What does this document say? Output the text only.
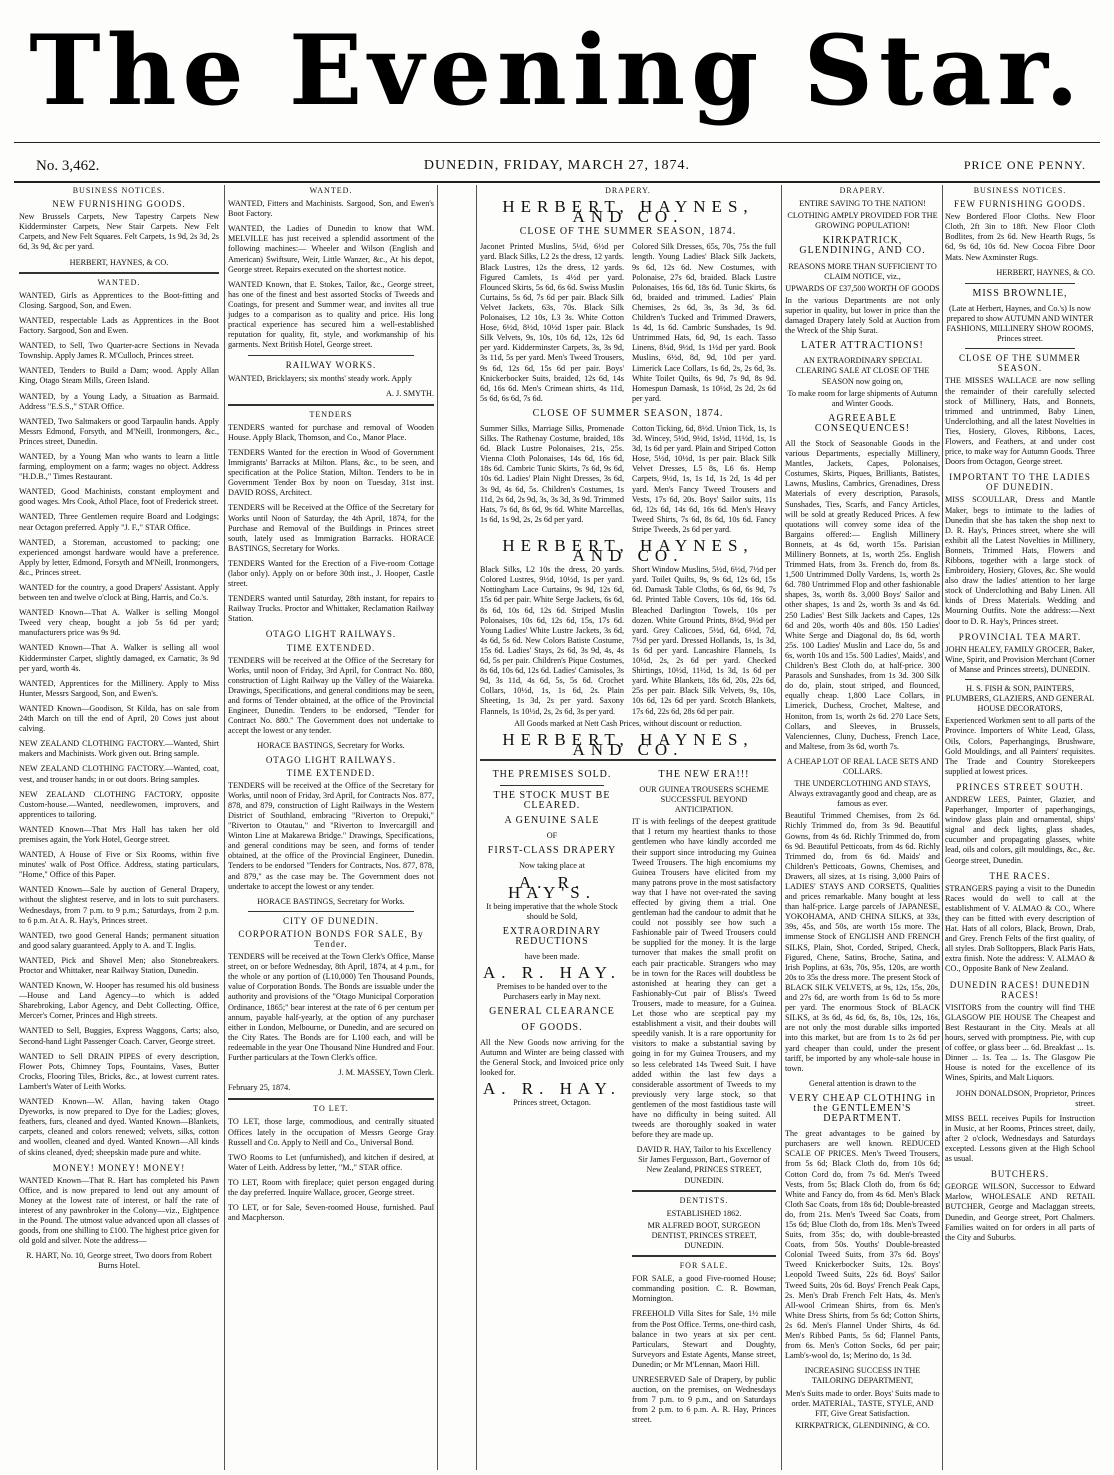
The Evening Star.
No. 3,462.	DUNEDIN, FRIDAY, MARCH 27, 1874.	PRICE ONE PENNY.
BUSINESS NOTICES.
NEW FURNISHING GOODS.

New Brussels Carpets, New Tapestry Carpets New Kidderminster Carpets, New Stair Carpets. New Felt Carpets, and New Felt Squares. Felt Carpets, 1s 9d, 2s 3d, 2s 6d, 3s 9d, &c per yard.

HERBERT, HAYNES, & CO.
WANTED.

WANTED, Girls as Apprentices to the Boot-fitting and Closing. Sargood, Son, and Ewen.

WANTED, respectable Lads as Apprentices in the Boot Factory. Sargood, Son and Ewen.

WANTED, to Sell, Two Quarter-acre Sections in Nevada Township. Apply James R. M'Culloch, Princes street.

WANTED, Tenders to Build a Dam; wood. Apply Allan King, Otago Steam Mills, Green Island.

WANTED, by a Young Lady, a Situation as Barmaid. Address "E.S.S.," STAR Office.

WANTED, Two Saltmakers or good Tarpaulin hands. Apply Messrs Edmond, Forsyth, and M'Neill, Ironmongers, &c., Princes street, Dunedin.

WANTED, by a Young Man who wants to learn a little farming, employment on a farm; wages no object. Address "H.D.B.," Times Restaurant.

WANTED, Good Machinists, constant employment and good wages. Mrs Cook, Athol Place, foot of Frederick street.

WANTED, Three Gentlemen require Board and Lodgings; near Octagon preferred. Apply "J. F.," STAR Office.

WANTED, a Storeman, accustomed to packing; one experienced amongst hardware would have a preference. Apply by letter, Edmond, Forsyth and M'Neill, Ironmongers, &c., Princes street.

WANTED for the country, a good Drapers' Assistant. Apply between ten and twelve o'clock at Bing, Harris, and Co.'s.

WANTED Known—That A. Walker is selling Mongol Tweed very cheap, bought a job 5s 6d per yard; manufacturers price was 9s 9d.

WANTED Known—That A. Walker is selling all wool Kidderminster Carpet, slightly damaged, ex Carnatic, 3s 9d per yard, worth 4s.

WANTED, Apprentices for the Millinery. Apply to Miss Hunter, Messrs Sargood, Son, and Ewen's.

WANTED Known—Goodison, St Kilda, has on sale from 24th March on till the end of April, 20 Cows just about calving.

NEW ZEALAND CLOTHING FACTORY.—Wanted, Shirt makers and Machinists. Work given out. Bring sample.

NEW ZEALAND CLOTHING FACTORY.—Wanted, coat, vest, and trouser hands; in or out doors. Bring samples.

NEW ZEALAND CLOTHING FACTORY, opposite Custom-house.—Wanted, needlewomen, improvers, and apprentices to tailoring.

WANTED Known—That Mrs Hall has taken her old premises again, the York Hotel, George street.

WANTED, A House of Five or Six Rooms, within five minutes' walk of Post Office. Address, stating particulars, "Home," Office of this Paper.

WANTED Known—Sale by auction of General Drapery, without the slightest reserve, and in lots to suit purchasers. Wednesdays, from 7 p.m. to 9 p.m.; Saturdays, from 2 p.m. to 6 p.m. At A. R. Hay's, Princes street.

WANTED, two good General Hands; permanent situation and good salary guaranteed. Apply to A. and T. Inglis.

WANTED, Pick and Shovel Men; also Stonebreakers. Proctor and Whittaker, near Railway Station, Dunedin.

WANTED Known, W. Hooper has resumed his old business—House and Land Agency—to which is added Sharebroking, Labor Agency, and Debt Collecting. Office, Mercer's Corner, Princes and High streets.

WANTED to Sell, Buggies, Express Waggons, Carts; also, Second-hand Light Passenger Coach. Carver, George street.

WANTED to Sell DRAIN PIPES of every description, Flower Pots, Chimney Tops, Fountains, Vases, Butter Crocks, Flooring Tiles, Bricks, &c., at lowest current rates. Lambert's Water of Leith Works.

WANTED Known—W. Allan, having taken Otago Dyeworks, is now prepared to Dye for the Ladies; gloves, feathers, furs, cleaned and dyed. Wanted Known—Blankets, carpets, cleaned and colors renewed; velvets, silks, cotton and woollen, cleaned and dyed. Wanted Known—All kinds of skins cleaned, dyed; sheepskin made pure and white.

MONEY! MONEY! MONEY!

WANTED Known—That R. Hart has completed his Pawn Office, and is now prepared to lend out any amount of Money at the lowest rate of interest, or half the rate of interest of any pawnbroker in the Colony—viz., Eightpence in the Pound. The utmost value advanced upon all classes of goods, from one shilling to £100. The highest price given for old gold and silver. Note the address—

R. HART, No. 10, George street, Two doors from Robert Burns Hotel.
WANTED.

WANTED, Fitters and Machinists. Sargood, Son, and Ewen's Boot Factory.

WANTED, the Ladies of Dunedin to know that WM. MELVILLE has just received a splendid assortment of the following machines:— Wheeler and Wilson (English and American) Swiftsure, Weir, Little Wanzer, &c., At his depot, George street. Repairs executed on the shortest notice.

WANTED Known, that E. Stokes, Tailor, &c., George street, has one of the finest and best assorted Stocks of Tweeds and Coatings, for present and Summer wear, and invites all true judges to a comparison as to quality and price. His long practical experience has secured him a well-established reputation for quality, fit, style, and workmanship of his garments. Next British Hotel, George street.

RAILWAY WORKS.

WANTED, Bricklayers; six months' steady work. Apply

A. J. SMYTH.
TENDERS

TENDERS wanted for purchase and removal of Wooden House. Apply Black, Thomson, and Co., Manor Place.

TENDERS Wanted for the erection in Wood of Government Immigrants' Barracks at Milton. Plans, &c., to be seen, and specification at the Police Station, Milton. Tenders to be in Government Tender Box by noon on Tuesday, 31st inst. DAVID ROSS, Architect.

TENDERS will be Received at the Office of the Secretary for Works until Noon of Saturday, the 4th April, 1874, for the Purchase and Removal of the Buildings in Princes street south, lately used as Immigration Barracks. HORACE BASTINGS, Secretary for Works.

TENDERS Wanted for the Erection of a Five-room Cottage (labor only). Apply on or before 30th inst., J. Hooper, Castle street.

TENDERS wanted until Saturday, 28th instant, for repairs to Railway Trucks. Proctor and Whittaker, Reclamation Railway Station.

OTAGO LIGHT RAILWAYS.
TIME EXTENDED.

TENDERS will be received at the Office of the Secretary for Works, until noon of Friday, 3rd April, for Contract No. 880, construction of Light Railway up the Valley of the Waiareka. Drawings, Specifications, and general conditions may be seen, and forms of Tender obtained, at the office of the Provincial Engineer, Dunedin. Tenders to be endorsed, "Tender for Contract No. 880." The Government does not undertake to accept the lowest or any tender.

HORACE BASTINGS, Secretary for Works.
OTAGO LIGHT RAILWAYS.
TIME EXTENDED.

TENDERS will be received at the Office of the Secretary for Works, until noon of Friday, 3rd April, for Contracts Nos. 877, 878, and 879, construction of Light Railways in the Western District of Southland, embracing "Riverton to Orepuki," "Riverton to Otautau," and "Riverton to Invercargill and Winton Line at Makarewa Bridge." Drawings, Specifications, and general conditions may be seen, and forms of tender obtained, at the office of the Provincial Engineer, Dunedin. Tenders to be endorsed "Tenders for Contracts, Nos. 877, 878, and 879," as the case may be. The Government does not undertake to accept the lowest or any tender.

HORACE BASTINGS, Secretary for Works.
CITY OF DUNEDIN.
CORPORATION BONDS FOR SALE, By Tender.

TENDERS will be received at the Town Clerk's Office, Manse street, on or before Wednesday, 8th April, 1874, at 4 p.m., for the whole or any portion of (L10,000) Ten Thousand Pounds, value of Corporation Bonds. The Bonds are issuable under the authority and provisions of the "Otago Municipal Corporation Ordinance, 1865;" bear interest at the rate of 6 per centum per annum, payable half-yearly, at the option of any purchaser either in London, Melbourne, or Dunedin, and are secured on the City Rates. The Bonds are for L100 each, and will be redeemable in the year One Thousand Nine Hundred and Four. Further particulars at the Town Clerk's office.

J. M. MASSEY, Town Clerk.

February 25, 1874.

TO LET.

TO LET, those large, commodious, and centrally situated Offices lately in the occupation of Messrs George Gray Russell and Co. Apply to Neill and Co., Universal Bond.

TWO Rooms to Let (unfurnished), and kitchen if desired, at Water of Leith. Address by letter, "M.," STAR office.

TO LET, Room with fireplace; quiet person engaged during the day preferred. Inquire Wallace, grocer, George street.

TO LET, or for Sale, Seven-roomed House, furnished. Paul and Macpherson.

DRAPERY.
HERBERT, HAYNES, AND CO.
CLOSE OF THE SUMMER SEASON, 1874.
Jaconet Printed Muslins, 5½d, 6½d per yard. Black Silks, L2 2s the dress, 12 yards. Black Lustres, 12s the dress, 12 yards. Figured Camlets, 1s 4½d per yard. Flounced Skirts, 5s 6d, 6s 6d. Swiss Muslin Curtains, 5s 6d, 7s 6d per pair. Black Silk Velvet Jackets, 63s, 70s. Black Silk Polonaises, L2 10s, L3 3s. White Cotton Hose, 6½d, 8½d, 10½d 1sper pair. Black Silk Velvets, 9s, 10s, 10s 6d, 12s, 12s 6d per yard. Kidderminster Carpets, 3s, 3s 9d, 3s 11d, 5s per yard. Men's Tweed Trousers, 9s 6d, 12s 6d, 15s 6d per pair. Boys' Knickerbocker Suits, braided, 12s 6d, 14s 6d, 16s 6d. Men's Crimean shirts, 4s 11d, 5s 6d, 6s 6d, 7s 6d.
Colored Silk Dresses, 65s, 70s, 75s the full length. Young Ladies' Black Silk Jackets, 9s 6d, 12s 6d. New Costumes, with Polonaise, 27s 6d, braided. Black Lustre Polonaises, 16s 6d, 18s 6d. Tunic Skirts, 6s 6d, braided and trimmed. Ladies' Plain Chemises, 2s 6d, 3s, 3s 3d, 3s 6d. Children's Tucked and Trimmed Drawers, 1s 4d, 1s 6d. Cambric Sunshades, 1s 9d. Untrimmed Hats, 6d, 9d, 1s each. Tasso Linens, 8¼d, 9½d, 1s 1½d per yard. Book Muslins, 6½d, 8d, 9d, 10d per yard. Limerick Lace Collars, 1s 6d, 2s, 2s 6d, 3s. White Toilet Quilts, 6s 9d, 7s 9d, 8s 9d. Homespun Damask, 1s 10½d, 2s 2d, 2s 6d per yard.
CLOSE OF SUMMER SEASON, 1874.
Summer Silks, Marriage Silks, Promenade Silks. The Rathenay Costume, braided, 18s 6d. Black Lustre Polonaises, 21s, 25s. Vienna Cloth Polonaises, 14s 6d, 16s 6d, 18s 6d. Cambric Tunic Skirts, 7s 6d, 9s 6d, 10s 6d. Ladies' Plain Night Dresses, 3s 6d, 3s 9d, 4s 6d, 5s. Children's Costumes, 1s 11d, 2s 6d, 2s 9d, 3s, 3s 3d, 3s 9d. Trimmed Hats, 7s 6d, 8s 6d, 9s 6d. White Marcellas, 1s 6d, 1s 9d, 2s, 2s 6d per yard.
Cotton Ticking, 6d, 8½d. Union Tick, 1s, 1s 3d. Wincey, 5½d, 9½d, 1s½d, 11½d, 1s, 1s 3d, 1s 6d per yard. Plain and Striped Cotton Hose, 5½d, 10½d, 1s per pair. Black Silk Velvet Dresses, L5 8s, L6 6s. Hemp Carpets, 9½d, 1s, 1s 1d, 1s 2d, 1s 4d per yard. Men's Fancy Tweed Trousers and Vests, 17s 6d, 20s. Boys' Sailor suits, 11s 6d, 12s 6d, 14s 6d, 16s 6d. Men's Heavy Tweed Shirts, 7s 6d, 8s 6d, 10s 6d. Fancy Stripe Tweeds, 2s 6d per yard.
HERBERT, HAYNES, AND CO.
Black Silks, L2 10s the dress, 20 yards. Colored Lustres, 9½d, 10½d, 1s per yard. Nottingham Lace Curtains, 9s 9d, 12s 6d, 15s 6d per pair. White Serge Jackets, 6s 6d, 8s 6d, 10s 6d, 12s 6d. Striped Muslin Polonaises, 10s 6d, 12s 6d, 15s, 17s 6d. Young Ladies' White Lustre Jackets, 3s 6d, 4s 6d, 5s 6d. New Colors Batiste Costume, 15s 6d. Ladies' Stays, 2s 6d, 3s 9d, 4s, 4s 6d, 5s per pair. Children's Pique Costumes, 8s 6d, 10s 6d, 12s 6d. Ladies' Camisoles, 3s 9d, 3s 11d, 4s 6d, 5s, 5s 6d. Crochet Collars, 10½d, 1s, 1s 6d, 2s. Plain Sheeting, 1s 3d, 2s per yard. Saxony Flannels, 1s 10½d, 2s, 2s 6d, 3s per yard.
Short Window Muslins, 5½d, 6½d, 7½d per yard. Toilet Quilts, 9s, 9s 6d, 12s 6d, 15s 6d. Damask Table Cloths, 6s 6d, 6s 9d, 7s 6d. Printed Table Covers, 10s 6d, 16s 6d. Bleached Darlington Towels, 10s per dozen. White Ground Prints, 8½d, 9½d per yard. Grey Calicoes, 5½d, 6d, 6½d, 7d, 7½d per yard. Dressed Hollands, 1s, 1s 3d, 1s 6d per yard. Lancashire Flannels, 1s 10½d, 2s, 2s 6d per yard. Checked Shirtings, 10½d, 11½d, 1s 3d, 1s 6d per yard. White Blankets, 18s 6d, 20s, 22s 6d, 25s per pair. Black Silk Velvets, 9s, 10s, 10s 6d, 12s 6d per yard. Scotch Blankets, 17s 6d, 22s 6d, 28s 6d per pair.

All Goods marked at Nett Cash Prices, without discount or reduction.

HERBERT, HAYNES, AND CO.
THE PREMISES SOLD.
THE STOCK MUST BE CLEARED.
A GENUINE SALE
OF
FIRST-CLASS DRAPERY
Now taking place at
A. R. HAY'S.
It being imperative that the whole Stock should be Sold,
EXTRAORDINARY REDUCTIONS
have been made.
A. R. HAY.
Premises to be handed over to the Purchasers early in May next.
GENERAL CLEARANCE
OF GOODS.

All the New Goods now arriving for the Autumn and Winter are being classed with the General Stock, and Invoiced price only looked for.

A. R. HAY.
Princes street, Octagon.
THE NEW ERA!!!
OUR GUINEA TROUSERS SCHEME SUCCESSFUL BEYOND ANTICIPATION.

IT is with feelings of the deepest gratitude that I return my heartiest thanks to those gentlemen who have kindly accorded me their support since introducing my Guinea Tweed Trousers. The high encomiums my Guinea Trousers have elicited from my many patrons prove in the most satisfactory way that I have not over-rated the saving effected by giving them a trial. One gentleman had the candour to admit that he could not possibly see how such a Fashionable pair of Tweed Trousers could be supplied for the money. It is the large turnover that makes the small profit on each pair practicable. Strangers who may be in town for the Races will doubtless be astonished at hearing they can get a Fashionably-Cut pair of Bliss's Tweed Trousers, made to measure, for a Guinea. Let those who are sceptical pay my establishment a visit, and their doubts will speedily vanish. It is a rare opportunity for visitors to make a substantial saving by going in for my Guinea Trousers, and my so less celebrated 14s Tweed Suit. I have added within the last few days a considerable assortment of Tweeds to my previously very large stock, so that gentlemen of the most fastidious taste will have no difficulty in being suited. All tweeds are thoroughly soaked in water before they are made up.

DAVID R. HAY, Tailor to his Excellency Sir James Fergusson, Bart., Governor of New Zealand, PRINCES STREET, DUNEDIN.
DENTISTS.
ESTABLISHED 1862.
MR ALFRED BOOT, SURGEON DENTIST, PRINCES STREET, DUNEDIN.
FOR SALE.

FOR SALE, a good Five-roomed House; commanding position. C. R. Bowman, Mornington.

FREEHOLD Villa Sites for Sale, 1½ mile from the Post Office. Terms, one-third cash, balance in two years at six per cent. Particulars, Stewart and Doughty, Surveyors and Estate Agents, Manse street, Dunedin; or Mr M'Lennan, Maori Hill.

UNRESERVED Sale of Drapery, by public auction, on the premises, on Wednesdays from 7 p.m. to 9 p.m., and on Saturdays from 2 p.m. to 6 p.m. A. R. Hay, Princes street.

DRAPERY.
ENTIRE SAVING TO THE NATION!
CLOTHING AMPLY PROVIDED FOR THE GROWING POPULATION!
KIRKPATRICK, GLENDINING, AND CO.
REASONS MORE THAN SUFFICIENT TO CLAIM NOTICE, viz.,
UPWARDS OF £37,500 WORTH OF GOODS

In the various Departments are not only superior in quality, but lower in price than the damaged Drapery lately Sold at Auction from the Wreck of the Ship Surat.

LATER ATTRACTIONS!
AN EXTRAORDINARY SPECIAL CLEARING SALE AT CLOSE OF THE SEASON now going on,
To make room for large shipments of Autumn and Winter Goods.
AGREEABLE CONSEQUENCES!

All the Stock of Seasonable Goods in the various Departments, especially Millinery, Mantles, Jackets, Capes, Polonaises, Costumes, Skirts, Piques, Brilliants, Batistes, Lawns, Muslins, Cambrics, Grenadines, Dress Materials of every description, Parasols, Sunshades, Ties, Scarfs, and Fancy Articles, will be sold at greatly Reduced Prices. A few quotations will convey some idea of the Bargains offered:— English Millinery Bonnets, at 4s 6d, worth 15s. Parisian Millinery Bonnets, at 1s, worth 25s. English Trimmed Hats, from 3s. French do, from 8s. 1,500 Untrimmed Dolly Vardens, 1s, worth 2s 6d. 780 Untrimmed Flop and other fashionable shapes, 3s, worth 8s. 3,000 Boys' Sailor and other shapes, 1s and 2s, worth 3s and 4s 6d. 250 Ladies' Best Silk Jackets and Capes, 12s 6d and 20s, worth 40s and 80s. 150 Ladies' White Serge and Diagonal do, 8s 6d, worth 25s. 100 Ladies' Muslin and Lace do, 5s and 6s, worth 10s and 15s. 500 Ladies', Maids', and Children's Best Cloth do, at half-price. 300 Parasols and Sunshades, from 1s 3d. 300 Silk do do, plain, stout striped, and flounced, equally cheap. 1,800 Lace Collars, in Limerick, Duchess, Crochet, Maltese, and Honiton, from 1s, worth 2s 6d. 270 Lace Sets, Collars, and Sleeves, in Brussels, Valenciennes, Cluny, Duchess, French Lace, and Maltese, from 3s 6d, worth 7s.

A CHEAP LOT OF REAL LACE SETS AND COLLARS.
THE UNDERCLOTHING AND STAYS, Always extravagantly good and cheap, are as famous as ever.

Beautiful Trimmed Chemises, from 2s 6d. Richly Trimmed do, from 3s 9d. Beautiful Gowns, from 4s 6d. Richly Trimmed do, from 6s 9d. Beautiful Petticoats, from 4s 6d. Richly Trimmed do, from 6s 6d. Maids' and Children's Petticoats, Gowns, Chemises, and Drawers, all sizes, at 1s rising. 3,000 Pairs of LADIES' STAYS AND CORSETS, Qualities and prices remarkable. Many bought at less than half-price. Large parcels of JAPANESE, YOKOHAMA, AND CHINA SILKS, at 33s, 39s, 45s, and 50s, are worth 15s more. The immense Stock of ENGLISH AND FRENCH SILKS, Plain, Shot, Corded, Striped, Check, Figured, Chene, Satins, Broche, Satina, and Irish Poplins, at 63s, 70s, 95s, 120s, are worth 20s to 35s the dress more. The present Stock of BLACK SILK VELVETS, at 9s, 12s, 15s, 20s, and 27s 6d, are worth from 1s 6d to 5s more per yard. The enormous Stock of BLACK SILKS, at 3s 6d, 4s 6d, 6s, 8s, 10s, 12s, 16s, are not only the most durable silks imported into this market, but are from 1s to 2s 6d per yard cheaper than could, under the present tariff, be imported by any whole-sale house in town.

General attention is drawn to the
VERY CHEAP CLOTHING in the GENTLEMEN'S DEPARTMENT.

The great advantages to be gained by purchasers are well known. REDUCED SCALE OF PRICES. Men's Tweed Trousers, from 5s 6d; Black Cloth do, from 10s 6d; Cotton Cord do, from 7s 6d. Men's Tweed Vests, from 5s; Black Cloth do, from 6s 6d; White and Fancy do, from 4s 6d. Men's Black Cloth Sac Coats, from 18s 6d; Double-breasted do, from 21s. Men's Tweed Sac Coats, from 15s 6d; Blue Cloth do, from 18s. Men's Tweed Suits, from 35s; do, with double-breasted Coats, from 50s. Youths' Double-breasted Colonial Tweed Suits, from 37s 6d. Boys' Tweed Knickerbocker Suits, 12s. Boys' Leopold Tweed Suits, 22s 6d. Boys' Sailor Tweed Suits, 20s 6d. Boys' French Peak Caps, 2s. Men's Drab French Felt Hats, 4s. Men's All-wool Crimean Shirts, from 6s. Men's White Dress Shirts, from 5s 6d; Cotton Shirts, 2s 6d. Men's Flannel Under Shirts, 4s 6d. Men's Ribbed Pants, 5s 6d; Flannel Pants, from 6s. Men's Cotton Socks, 6d per pair; Lamb's-wool do, 1s; Merino do, 1s 3d.

INCREASING SUCCESS IN THE TAILORING DEPARTMENT,
Men's Suits made to order. Boys' Suits made to order. MATERIAL, TASTE, STYLE, AND FIT, Give Great Satisfaction.
KIRKPATRICK, GLENDINING, & CO.
BUSINESS NOTICES.
FEW FURNISHING GOODS.

New Bordered Floor Cloths. New Floor Cloth, 2ft 3in to 18ft. New Floor Cloth Bodlites, from 2s 6d. New Hearth Rugs, 5s 6d, 9s 6d, 10s 6d. New Cocoa Fibre Door Mats. New Axminster Rugs.

HERBERT, HAYNES, & CO.
MISS BROWNLIE,
(Late at Herbert, Haynes, and Co.'s) Is now prepared to show AUTUMN AND WINTER FASHIONS, MILLINERY SHOW ROOMS, Princes street.
CLOSE OF THE SUMMER SEASON.

THE MISSES WALLACE are now selling the remainder of their carefully selected stock of Millinery, Hats, and Bonnets, trimmed and untrimmed, Baby Linen, Underclothing, and all the latest Novelties in Ties, Hosiery, Gloves, Ribbons, Laces, Flowers, and Feathers, at and under cost price, to make way for Autumn Goods. Three Doors from Octagon, George street.

IMPORTANT TO THE LADIES OF DUNEDIN.

MISS SCOULLAR, Dress and Mantle Maker, begs to intimate to the ladies of Dunedin that she has taken the shop next to D. R. Hay's, Princes street, where she will exhibit all the Latest Novelties in Millinery, Bonnets, Trimmed Hats, Flowers and Ribbons, together with a large stock of Embroidery, Hosiery, Gloves, &c. She would also draw the ladies' attention to her large stock of Underclothing and Baby Linen. All kinds of Dress Materials. Wedding and Mourning Outfits. Note the address:—Next door to D. R. Hay's, Princes street.

PROVINCIAL TEA MART.
JOHN HEALEY, FAMILY GROCER, Baker, Wine, Spirit, and Provision Merchant (Corner of Manse and Princes streets), DUNEDIN.
H. S. FISH & SON, PAINTERS, PLUMBERS, GLAZIERS, AND GENERAL HOUSE DECORATORS,

Experienced Workmen sent to all parts of the Province. Importers of White Lead, Glass, Oils, Colors, Paperhangings, Brushware, Gold Mouldings, and all Painters' requisites. The Trade and Country Storekeepers supplied at lowest prices.

PRINCES STREET SOUTH.

ANDREW LEES, Painter, Glazier, and Paperhanger, Importer of paperhangings, window glass plain and ornamental, ships' signal and deck lights, glass shades, cucumber and propagating glasses, white lead, oils and colors, gilt mouldings, &c., &c. George street, Dunedin.

THE RACES.

STRANGERS paying a visit to the Dunedin Races would do well to call at the establishment of V. ALMAO & CO., Where they can be fitted with every description of Hat. Hats of all colors, Black, Brown, Drab, and Grey. French Felts of the first quality, of all styles. Drab Solltoppers, Black Paris Hats, extra finish. Note the address: V. ALMAO & CO., Opposite Bank of New Zealand.

DUNEDIN RACES! DUNEDIN RACES!

VISITORS from the country will find THE GLASGOW PIE HOUSE The Cheapest and Best Restaurant in the City. Meals at all hours, served with promptness. Pie, with cup of coffee, or glass beer ... 6d. Breakfast ... 1s. Dinner ... 1s. Tea ... 1s. The Glasgow Pie House is noted for the excellence of its Wines, Spirits, and Malt Liquors.

JOHN DONALDSON, Proprietor, Princes street.

MISS BELL receives Pupils for Instruction in Music, at her Rooms, Princes street, daily, after 2 o'clock, Wednesdays and Saturdays excepted. Lessons given at the High School as usual.

BUTCHERS.

GEORGE WILSON, Successor to Edward Marlow, WHOLESALE AND RETAIL BUTCHER, George and Maclaggan streets, Dunedin, and George street, Port Chalmers. Families waited on for orders in all parts of the City and Suburbs.
